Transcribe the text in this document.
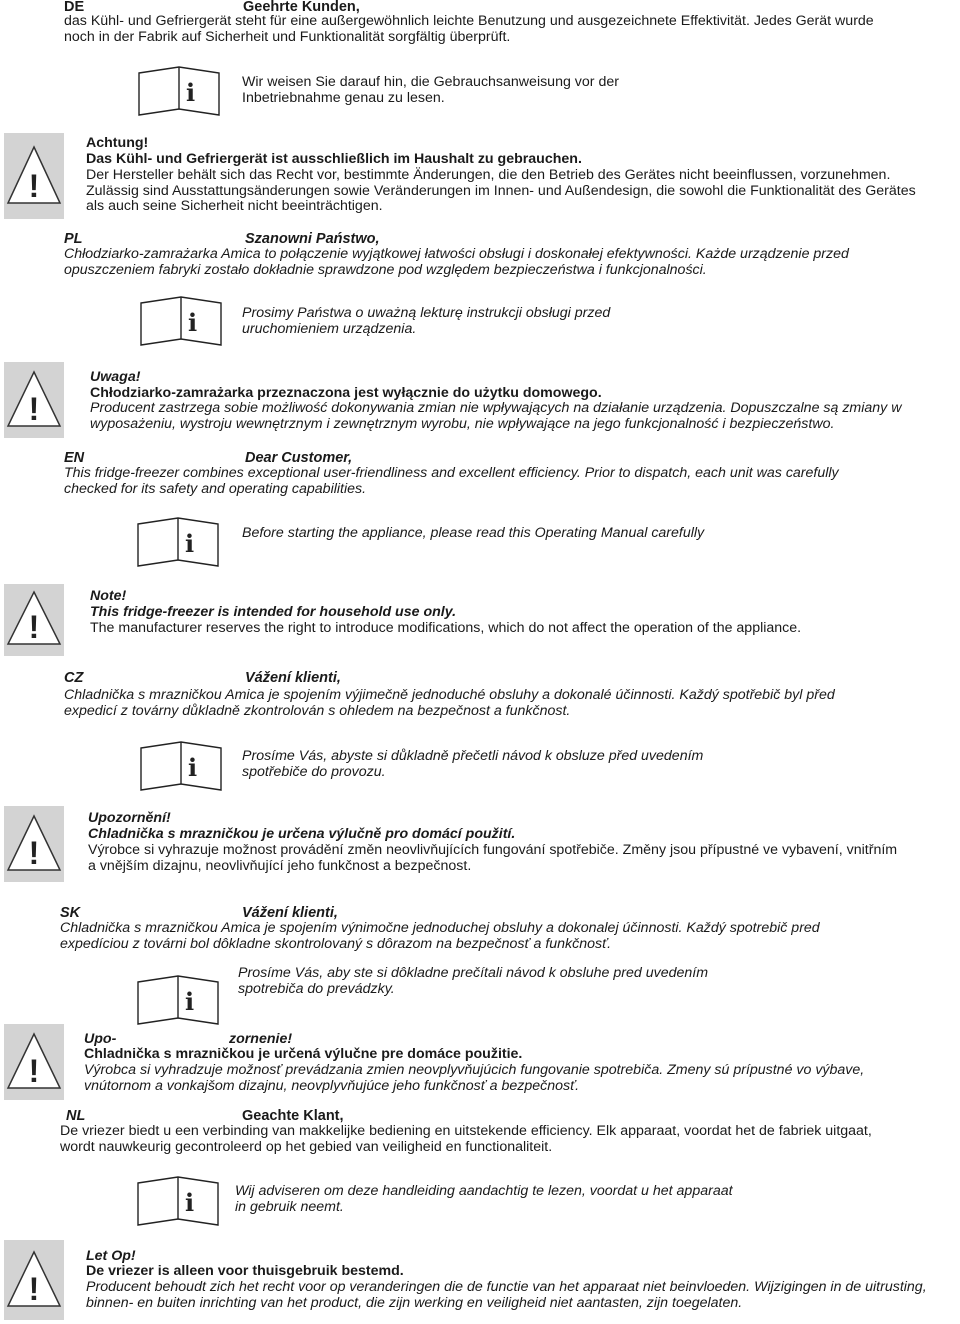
DE	Geehrte Kunden,
das Kühl- und Gefriergerät steht für eine außergewöhnlich leichte Benutzung und ausgezeichnete Effektivität. Jedes Gerät wurde
noch in der Fabrik auf Sicherheit und Funktionalität sorgfältig überprüft.
i	Wir weisen Sie darauf hin, die Gebrauchsanweisung vor der
Inbetriebnahme genau zu lesen.
!
Achtung!
Das Kühl- und Gefriergerät ist ausschließlich im Haushalt zu gebrauchen.
Der Hersteller behält sich das Recht vor, bestimmte Änderungen, die den Betrieb des Gerätes nicht beeinflussen, vorzunehmen.
Zulässig sind Ausstattungsänderungen sowie Veränderungen im Innen- und Außendesign, die sowohl die Funktionalität des Gerätes
als auch seine Sicherheit nicht beeinträchtigen.
PL	Szanowni Państwo,
Chłodziarko-zamrażarka Amica to połączenie wyjątkowej łatwości obsługi i doskonałej efektywności. Każde urządzenie przed
opuszczeniem fabryki zostało dokładnie sprawdzone pod względem bezpieczeństwa i funkcjonalności.
i	Prosimy Państwa o uważną lekturę instrukcji obsługi przed
uruchomieniem urządzenia.
!
Uwaga!
Chłodziarko-zamrażarka przeznaczona jest wyłącznie do użytku domowego.
Producent zastrzega sobie możliwość dokonywania zmian nie wpływających na działanie urządzenia. Dopuszczalne są zmiany w
wyposażeniu, wystroju wewnętrznym i zewnętrznym wyrobu, nie wpływające na jego funkcjonalność i bezpieczeństwo.
EN	Dear Customer,
This fridge-freezer combines exceptional user-friendliness and excellent efficiency. Prior to dispatch, each unit was carefully
checked for its safety and operating capabilities.
i	Before starting the appliance, please read this Operating Manual carefully
!
Note!
This fridge-freezer is intended for household use only.
The manufacturer reserves the right to introduce modifications, which do not affect the operation of the appliance.
CZ	Vážení klienti,
Chladnička s mrazničkou Amica je spojením výjimečně jednoduché obsluhy a dokonalé účinnosti. Každý spotřebič byl před
expedicí z továrny důkladně zkontrolován s ohledem na bezpečnost a funkčnost.
i	Prosíme Vás, abyste si důkladně přečetli návod k obsluze před uvedením
spotřebiče do provozu.
!
Upozornění!
Chladnička s mrazničkou je určena výlučně pro domácí použití.
Výrobce si vyhrazuje možnost provádění změn neovlivňujících fungování spotřebiče. Změny jsou přípustné ve vybavení, vnitřním
a vnějším dizajnu, neovlivňující jeho funkčnost a bezpečnost.
SK	Vážení klienti,
Chladnička s mrazničkou Amica je spojením výnimočne jednoduchej obsluhy a dokonalej účinnosti. Každý spotrebič pred
expedíciou z továrni bol dôkladne skontrolovaný s dôrazom na bezpečnosť a funkčnosť.
i
Prosíme Vás, aby ste si dôkladne prečítali návod k obsluhe pred uvedením
spotrebiča do prevádzky.
!
Upo-	zornenie!
Chladnička s mrazničkou je určená výlučne pre domáce použitie.
Výrobca si vyhradzuje možnosť prevádzania zmien neovplyvňujúcich fungovanie spotrebiča. Zmeny sú prípustné vo výbave,
vnútornom a vonkajšom dizajnu, neovplyvňujúce jeho funkčnosť a bezpečnosť.
NL	Geachte Klant,
De vriezer biedt u een verbinding van makkelijke bediening en uitstekende efficiency. Elk apparaat, voordat het de fabriek uitgaat,
wordt nauwkeurig gecontroleerd op het gebied van veiligheid en functionaliteit.
i	Wij adviseren om deze handleiding aandachtig te lezen, voordat u het apparaat
in gebruik neemt.
!
Let Op!
De vriezer is alleen voor thuisgebruik bestemd.
Producent behoudt zich het recht voor op veranderingen die de functie van het apparaat niet beinvloeden. Wijzigingen in de uitrusting,
binnen- en buiten inrichting van het product, die zijn werking en veiligheid niet aantasten, zijn toegelaten.
